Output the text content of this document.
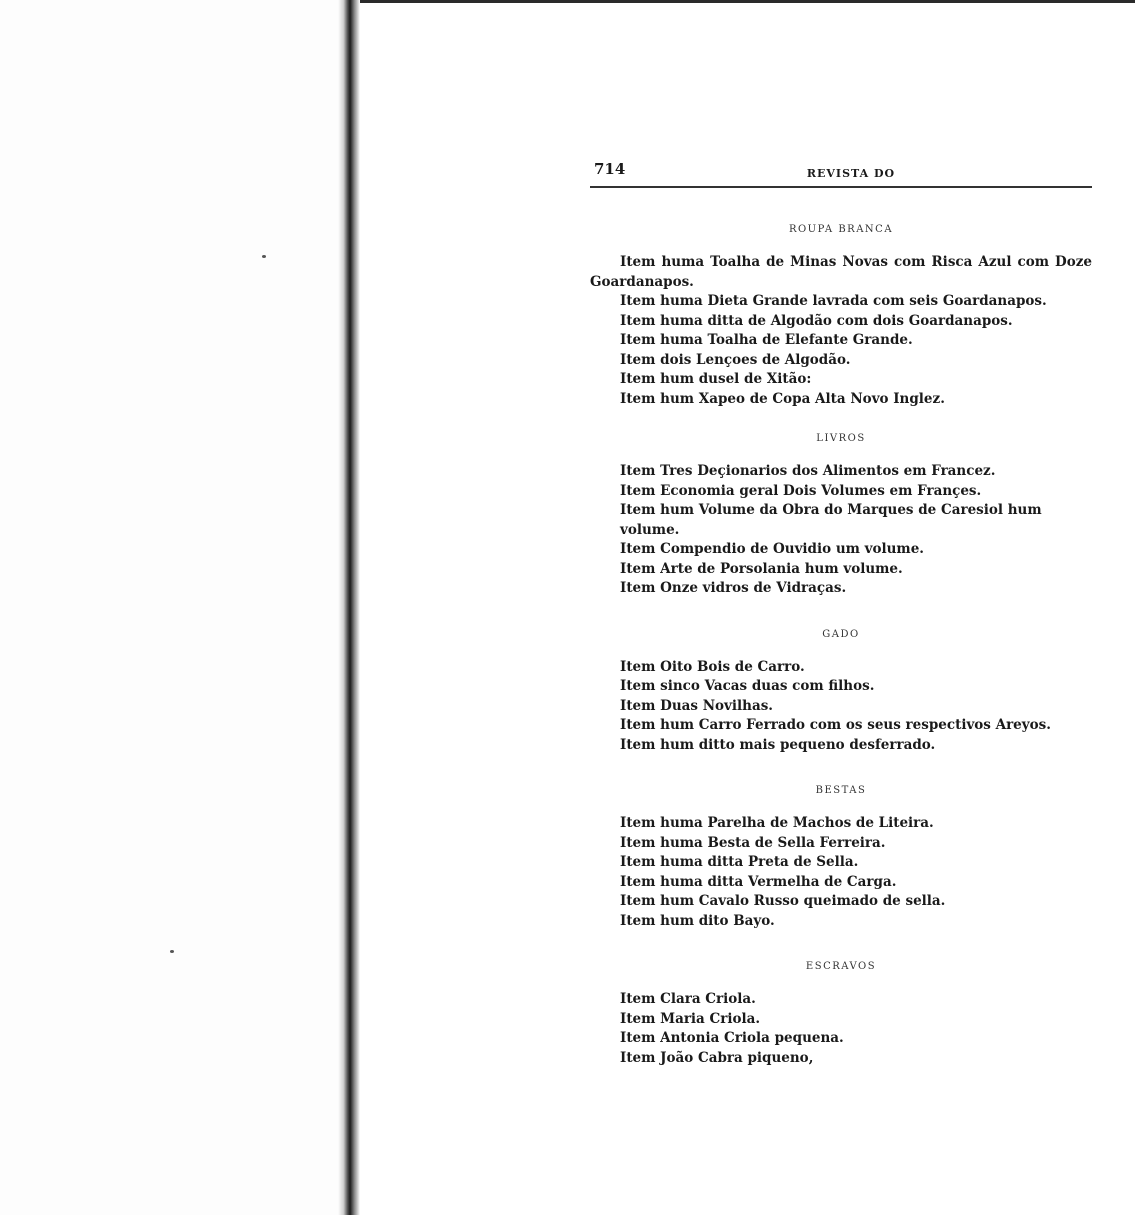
714	REVISTA DO

ROUPA BRANCA

Item huma Toalha de Minas Novas com Risca Azul com Doze Goardanapos.
Item huma Dieta Grande lavrada com seis Goardanapos.
Item huma ditta de Algodão com dois Goardanapos.
Item huma Toalha de Elefante Grande.
Item dois Lençoes de Algodão.
Item hum dusel de Xitão:
Item hum Xapeo de Copa Alta Novo Inglez.

LIVROS

Item Tres Deçionarios dos Alimentos em Francez.
Item Economia geral Dois Volumes em Françes.
Item hum Volume da Obra do Marques de Caresiol hum volume.
Item Compendio de Ouvidio um volume.
Item Arte de Porsolania hum volume.
Item Onze vidros de Vidraças.

GADO

Item Oito Bois de Carro.
Item sinco Vacas duas com filhos.
Item Duas Novilhas.
Item hum Carro Ferrado com os seus respectivos Areyos.
Item hum ditto mais pequeno desferrado.

BESTAS

Item huma Parelha de Machos de Liteira.
Item huma Besta de Sella Ferreira.
Item huma ditta Preta de Sella.
Item huma ditta Vermelha de Carga.
Item hum Cavalo Russo queimado de sella.
Item hum dito Bayo.

ESCRAVOS

Item Clara Criola.
Item Maria Criola.
Item Antonia Criola pequena.
Item João Cabra piqueno,
